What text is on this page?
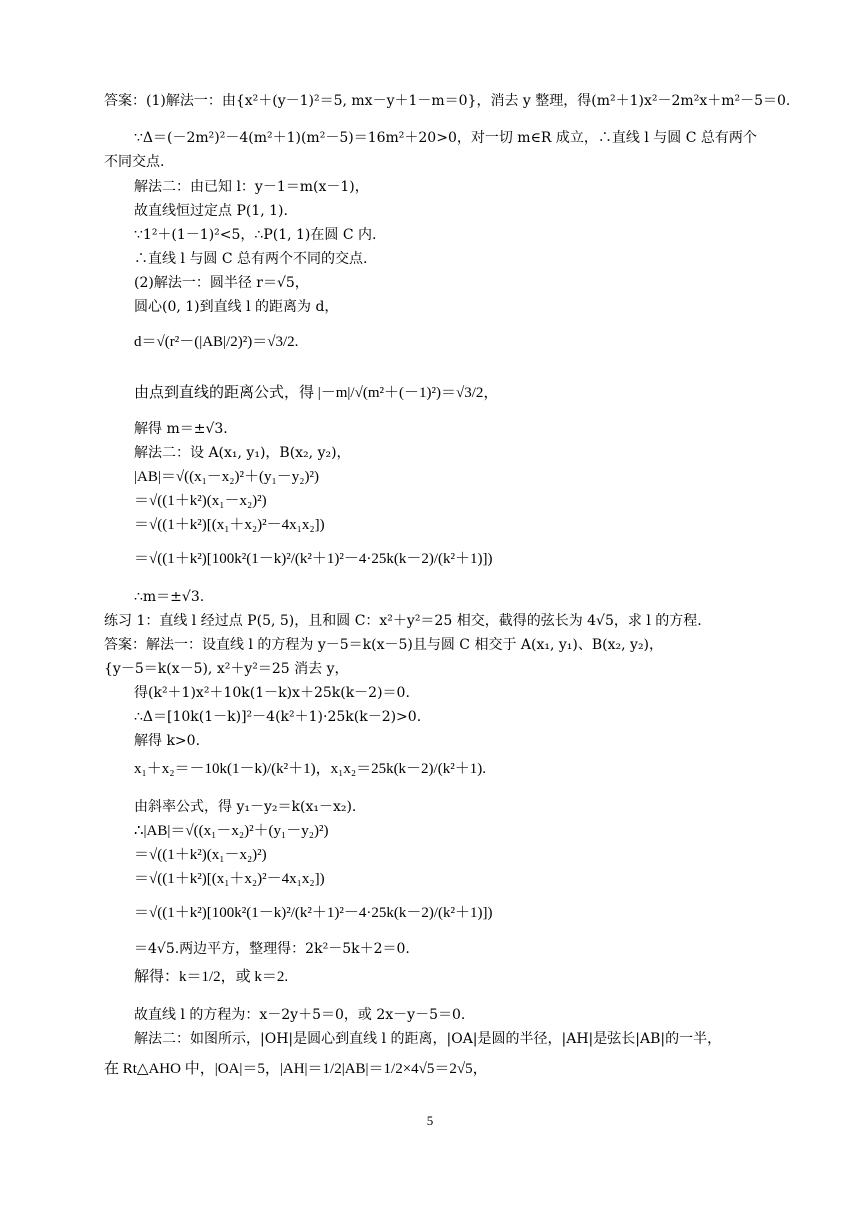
答案：(1)解法一：由{x²＋(y－1)²＝5, mx－y＋1－m＝0}，消去 y 整理，得(m²＋1)x²－2m²x＋m²－5＝0.
∵Δ＝(－2m²)²－4(m²＋1)(m²－5)＝16m²＋20>0，对一切 m∈R 成立，∴直线 l 与圆 C 总有两个
不同交点.
解法二：由已知 l：y－1＝m(x－1)，
故直线恒过定点 P(1, 1).
∵1²＋(1－1)²<5，∴P(1, 1)在圆 C 内.
∴直线 l 与圆 C 总有两个不同的交点.
(2)解法一：圆半径 r＝√5，
圆心(0, 1)到直线 l 的距离为 d，
d＝√(r²－(|AB|/2)²)＝√3/2.
由点到直线的距离公式，得 |－m|/√(m²＋(－1)²)＝√3/2，
解得 m＝±√3.
解法二：设 A(x₁, y₁)，B(x₂, y₂)，
|AB|＝√((x₁－x₂)²＋(y₁－y₂)²)
＝√((1＋k²)(x₁－x₂)²)
＝√((1＋k²)[(x₁＋x₂)²－4x₁x₂])
＝√((1＋k²)[100k²(1－k)²/(k²＋1)²－4·25k(k－2)/(k²＋1)])
∴m＝±√3.
练习 1：直线 l 经过点 P(5, 5)，且和圆 C：x²＋y²＝25 相交，截得的弦长为 4√5，求 l 的方程.
答案：解法一：设直线 l 的方程为 y－5＝k(x－5)且与圆 C 相交于 A(x₁, y₁)、B(x₂, y₂)，
{y－5＝k(x－5), x²＋y²＝25 消去 y，
得(k²＋1)x²＋10k(1－k)x＋25k(k－2)＝0.
∴Δ＝[10k(1－k)]²－4(k²＋1)·25k(k－2)>0.
解得 k>0.
x₁＋x₂＝－10k(1－k)/(k²＋1)，x₁x₂＝25k(k－2)/(k²＋1).
由斜率公式，得 y₁－y₂＝k(x₁－x₂).
∴|AB|＝√((x₁－x₂)²＋(y₁－y₂)²)
＝√((1＋k²)(x₁－x₂)²)
＝√((1＋k²)[(x₁＋x₂)²－4x₁x₂])
＝√((1＋k²)[100k²(1－k)²/(k²＋1)²－4·25k(k－2)/(k²＋1)])
＝4√5.两边平方，整理得：2k²－5k＋2＝0.
解得：k＝1/2，或 k＝2.
故直线 l 的方程为：x－2y＋5＝0，或 2x－y－5＝0.
解法二：如图所示，|OH|是圆心到直线 l 的距离，|OA|是圆的半径，|AH|是弦长|AB|的一半，
在 Rt△AHO 中，|OA|＝5，|AH|＝1/2|AB|＝1/2×4√5＝2√5，
5
